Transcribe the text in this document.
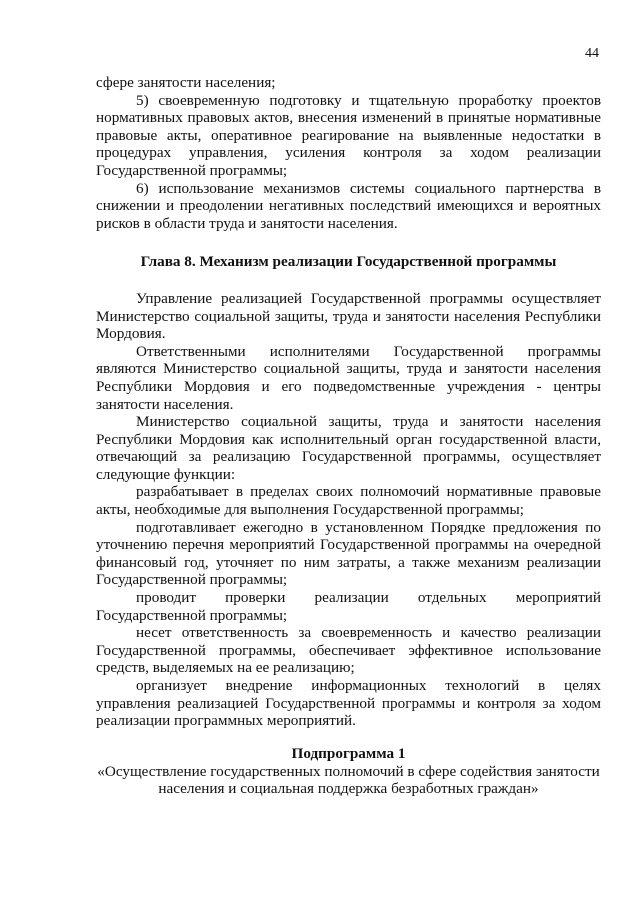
44

сфере занятости населения;

5) своевременную подготовку и тщательную проработку проектов нормативных правовых актов, внесения изменений в принятые нормативные правовые акты, оперативное реагирование на выявленные недостатки в процедурах управления, усиления контроля за ходом реализации Государственной программы;

6) использование механизмов системы социального партнерства в снижении и преодолении негативных последствий имеющихся и вероятных рисков в области труда и занятости населения.

Глава 8. Механизм реализации Государственной программы

Управление реализацией Государственной программы осуществляет Министерство социальной защиты, труда и занятости населения Республики Мордовия.

Ответственными исполнителями Государственной программы являются Министерство социальной защиты, труда и занятости населения Республики Мордовия и его подведомственные учреждения - центры занятости населения.

Министерство социальной защиты, труда и занятости населения Республики Мордовия как исполнительный орган государственной власти, отвечающий за реализацию Государственной программы, осуществляет следующие функции:

разрабатывает в пределах своих полномочий нормативные правовые акты, необходимые для выполнения Государственной программы;

подготавливает ежегодно в установленном Порядке предложения по уточнению перечня мероприятий Государственной программы на очередной финансовый год, уточняет по ним затраты, а также механизм реализации Государственной программы;

проводит проверки реализации отдельных мероприятий Государственной программы;

несет ответственность за своевременность и качество реализации Государственной программы, обеспечивает эффективное использование средств, выделяемых на ее реализацию;

организует внедрение информационных технологий в целях управления реализацией Государственной программы и контроля за ходом реализации программных мероприятий.

Подпрограмма 1

«Осуществление государственных полномочий в сфере содействия занятости населения и социальная поддержка безработных граждан»
